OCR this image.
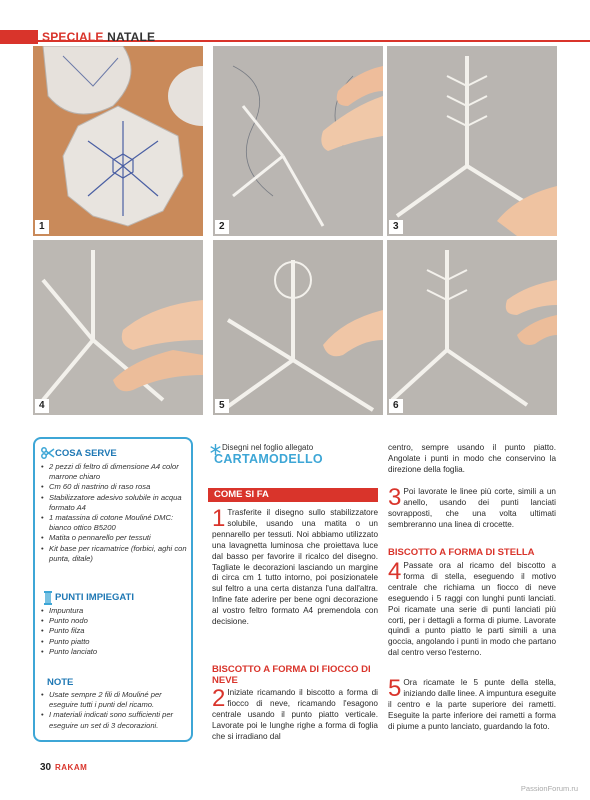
SPECIALE NATALE
1	2	3
4	5	6
COSA SERVE
• 2 pezzi di feltro di dimensione A4 color marrone chiaro
• Cm 60 di nastrino di raso rosa
• Stabilizzatore adesivo solubile in acqua formato A4
• 1 matassina di cotone Mouliné DMC: bianco ottico B5200
• Matita o pennarello per tessuti
• Kit base per ricamatrice (forbici, aghi con punta, ditale)
PUNTI IMPIEGATI
• Impuntura
• Punto nodo
• Punto filza
• Punto piatto
• Punto lanciato
NOTE
• Usate sempre 2 fili di Mouliné per eseguire tutti i punti del ricamo.
• I materiali indicati sono sufficienti per eseguire un set di 3 decorazioni.
Disegni nel foglio allegato
CARTAMODELLO
COME SI FA
1 Trasferite il disegno sullo stabilizzatore solubile, usando una matita o un pennarello per tessuti. Noi abbiamo utilizzato una lavagnetta luminosa che proiettava luce dal basso per favorire il ricalco del disegno. Tagliate le decorazioni lasciando un margine di circa cm 1 tutto intorno, poi posizionatele sul feltro a una certa distanza l'una dall'altra. Infine fate aderire per bene ogni decorazione al vostro feltro formato A4 premendola con decisione.
BISCOTTO A FORMA DI FIOCCO DI NEVE
2 Iniziate ricamando il biscotto a forma di fiocco di neve, ricamando l'esagono centrale usando il punto piatto verticale. Lavorate poi le lunghe righe a forma di foglia che si irradiano dal
centro, sempre usando il punto piatto. Angolate i punti in modo che conservino la direzione della foglia.
3 Poi lavorate le linee più corte, simili a un anello, usando dei punti lanciati sovrapposti, che una volta ultimati sembreranno una linea di crocette.
BISCOTTO A FORMA DI STELLA
4 Passate ora al ricamo del biscotto a forma di stella, eseguendo il motivo centrale che richiama un fiocco di neve eseguendo i 5 raggi con lunghi punti lanciati. Poi ricamate una serie di punti lanciati più corti, per i dettagli a forma di piume. Lavorate quindi a punto piatto le parti simili a una goccia, angolando i punti in modo che partano dal centro verso l'esterno.
5 Ora ricamate le 5 punte della stella, iniziando dalle linee. A impuntura eseguite il centro e la parte superiore dei rametti. Eseguite la parte inferiore dei rametti a forma di piume a punto lanciato, guardando la foto.
30 RAKAM
PassionForum.ru
